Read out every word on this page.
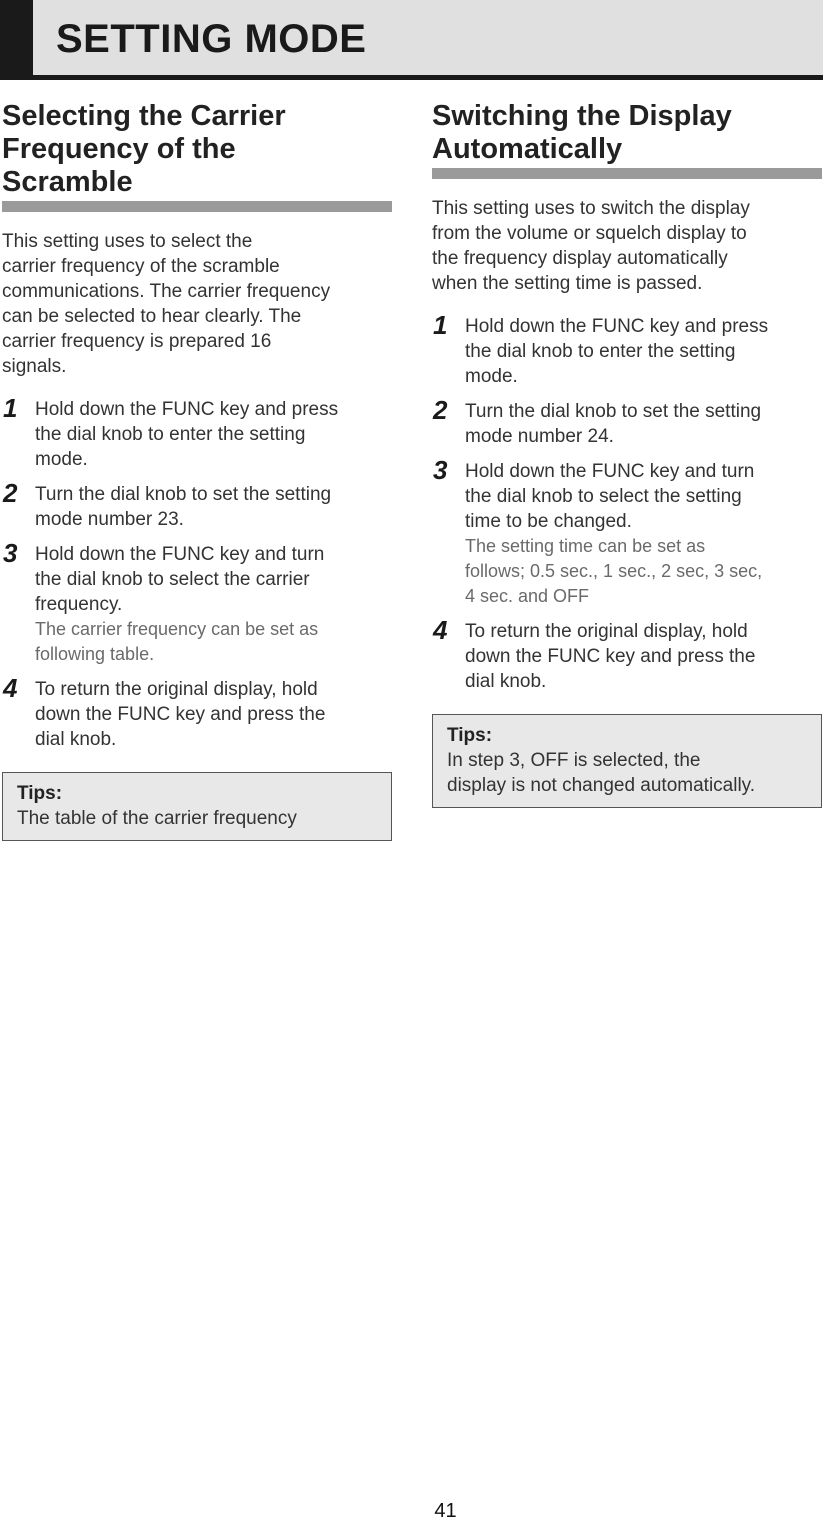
SETTING MODE
Selecting the Carrier
Frequency of the
Scramble

This setting uses to select the
carrier frequency of the scramble
communications. The carrier frequency
can be selected to hear clearly. The
carrier frequency is prepared 16
signals.

1 Hold down the FUNC key and press
the dial knob to enter the setting
mode.
2 Turn the dial knob to set the setting
mode number 23.
3 Hold down the FUNC key and turn
the dial knob to select the carrier
frequency.
The carrier frequency can be set as
following table.
4 To return the original display, hold
down the FUNC key and press the
dial knob.
Tips:
The table of the carrier frequency
Switching the Display
Automatically

This setting uses to switch the display
from the volume or squelch display to
the frequency display automatically
when the setting time is passed.

1 Hold down the FUNC key and press
the dial knob to enter the setting
mode.
2 Turn the dial knob to set the setting
mode number 24.
3 Hold down the FUNC key and turn
the dial knob to select the setting
time to be changed.
The setting time can be set as
follows; 0.5 sec., 1 sec., 2 sec, 3 sec,
4 sec. and OFF
4 To return the original display, hold
down the FUNC key and press the
dial knob.
Tips:
In step 3, OFF is selected, the
display is not changed automatically.
41
